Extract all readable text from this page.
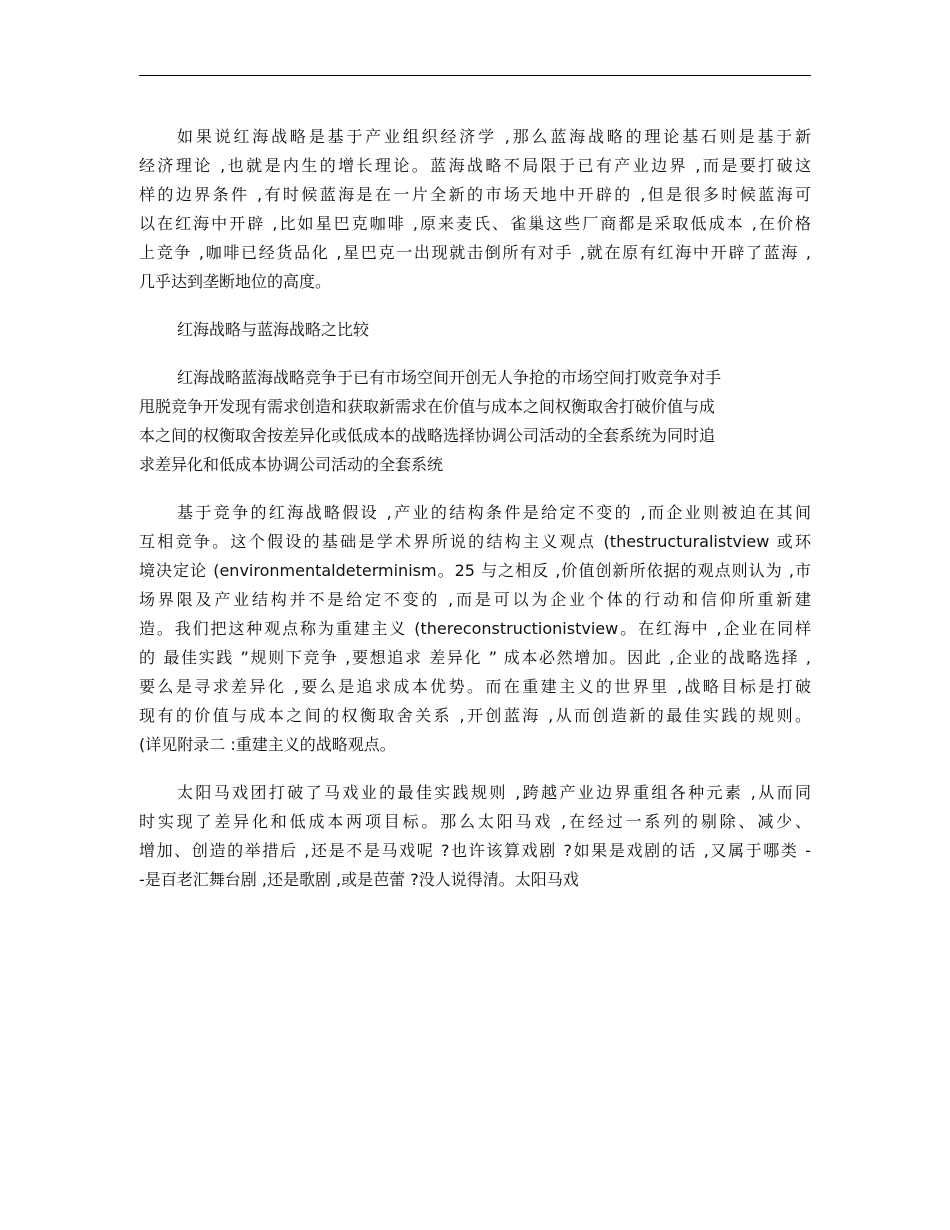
如果说红海战略是基于产业组织经济学 ,那么蓝海战略的理论基石则是基于新
经济理论 ,也就是内生的增长理论。蓝海战略不局限于已有产业边界 ,而是要打破这
样的边界条件 ,有时候蓝海是在一片全新的市场天地中开辟的 ,但是很多时候蓝海可
以在红海中开辟 ,比如星巴克咖啡 ,原来麦氏、雀巢这些厂商都是采取低成本 ,在价格
上竞争 ,咖啡已经货品化 ,星巴克一出现就击倒所有对手 ,就在原有红海中开辟了蓝海 ,
几乎达到垄断地位的高度。
红海战略与蓝海战略之比较
红海战略蓝海战略竞争于已有市场空间开创无人争抢的市场空间打败竞争对手
甩脱竞争开发现有需求创造和获取新需求在价值与成本之间权衡取舍打破价值与成
本之间的权衡取舍按差异化或低成本的战略选择协调公司活动的全套系统为同时追
求差异化和低成本协调公司活动的全套系统
基于竞争的红海战略假设 ,产业的结构条件是给定不变的 ,而企业则被迫在其间
互相竞争。这个假设的基础是学术界所说的结构主义观点 (thestructuralistview 或环
境决定论 (environmentaldeterminism。25 与之相反 ,价值创新所依据的观点则认为 ,市
场界限及产业结构并不是给定不变的 ,而是可以为企业个体的行动和信仰所重新建
造。我们把这种观点称为重建主义 (thereconstructionistview。在红海中 ,企业在同样
的 最佳实践 ”规则下竞争 ,要想追求 差异化 ” 成本必然增加。因此 ,企业的战略选择 ,
要么是寻求差异化 ,要么是追求成本优势。而在重建主义的世界里 ,战略目标是打破
现有的价值与成本之间的权衡取舍关系 ,开创蓝海 ,从而创造新的最佳实践的规则。
(详见附录二 :重建主义的战略观点。
太阳马戏团打破了马戏业的最佳实践规则 ,跨越产业边界重组各种元素 ,从而同
时实现了差异化和低成本两项目标。那么太阳马戏 ,在经过一系列的剔除、减少、
增加、创造的举措后 ,还是不是马戏呢 ?也许该算戏剧 ?如果是戏剧的话 ,又属于哪类 -
-是百老汇舞台剧 ,还是歌剧 ,或是芭蕾 ?没人说得清。太阳马戏
